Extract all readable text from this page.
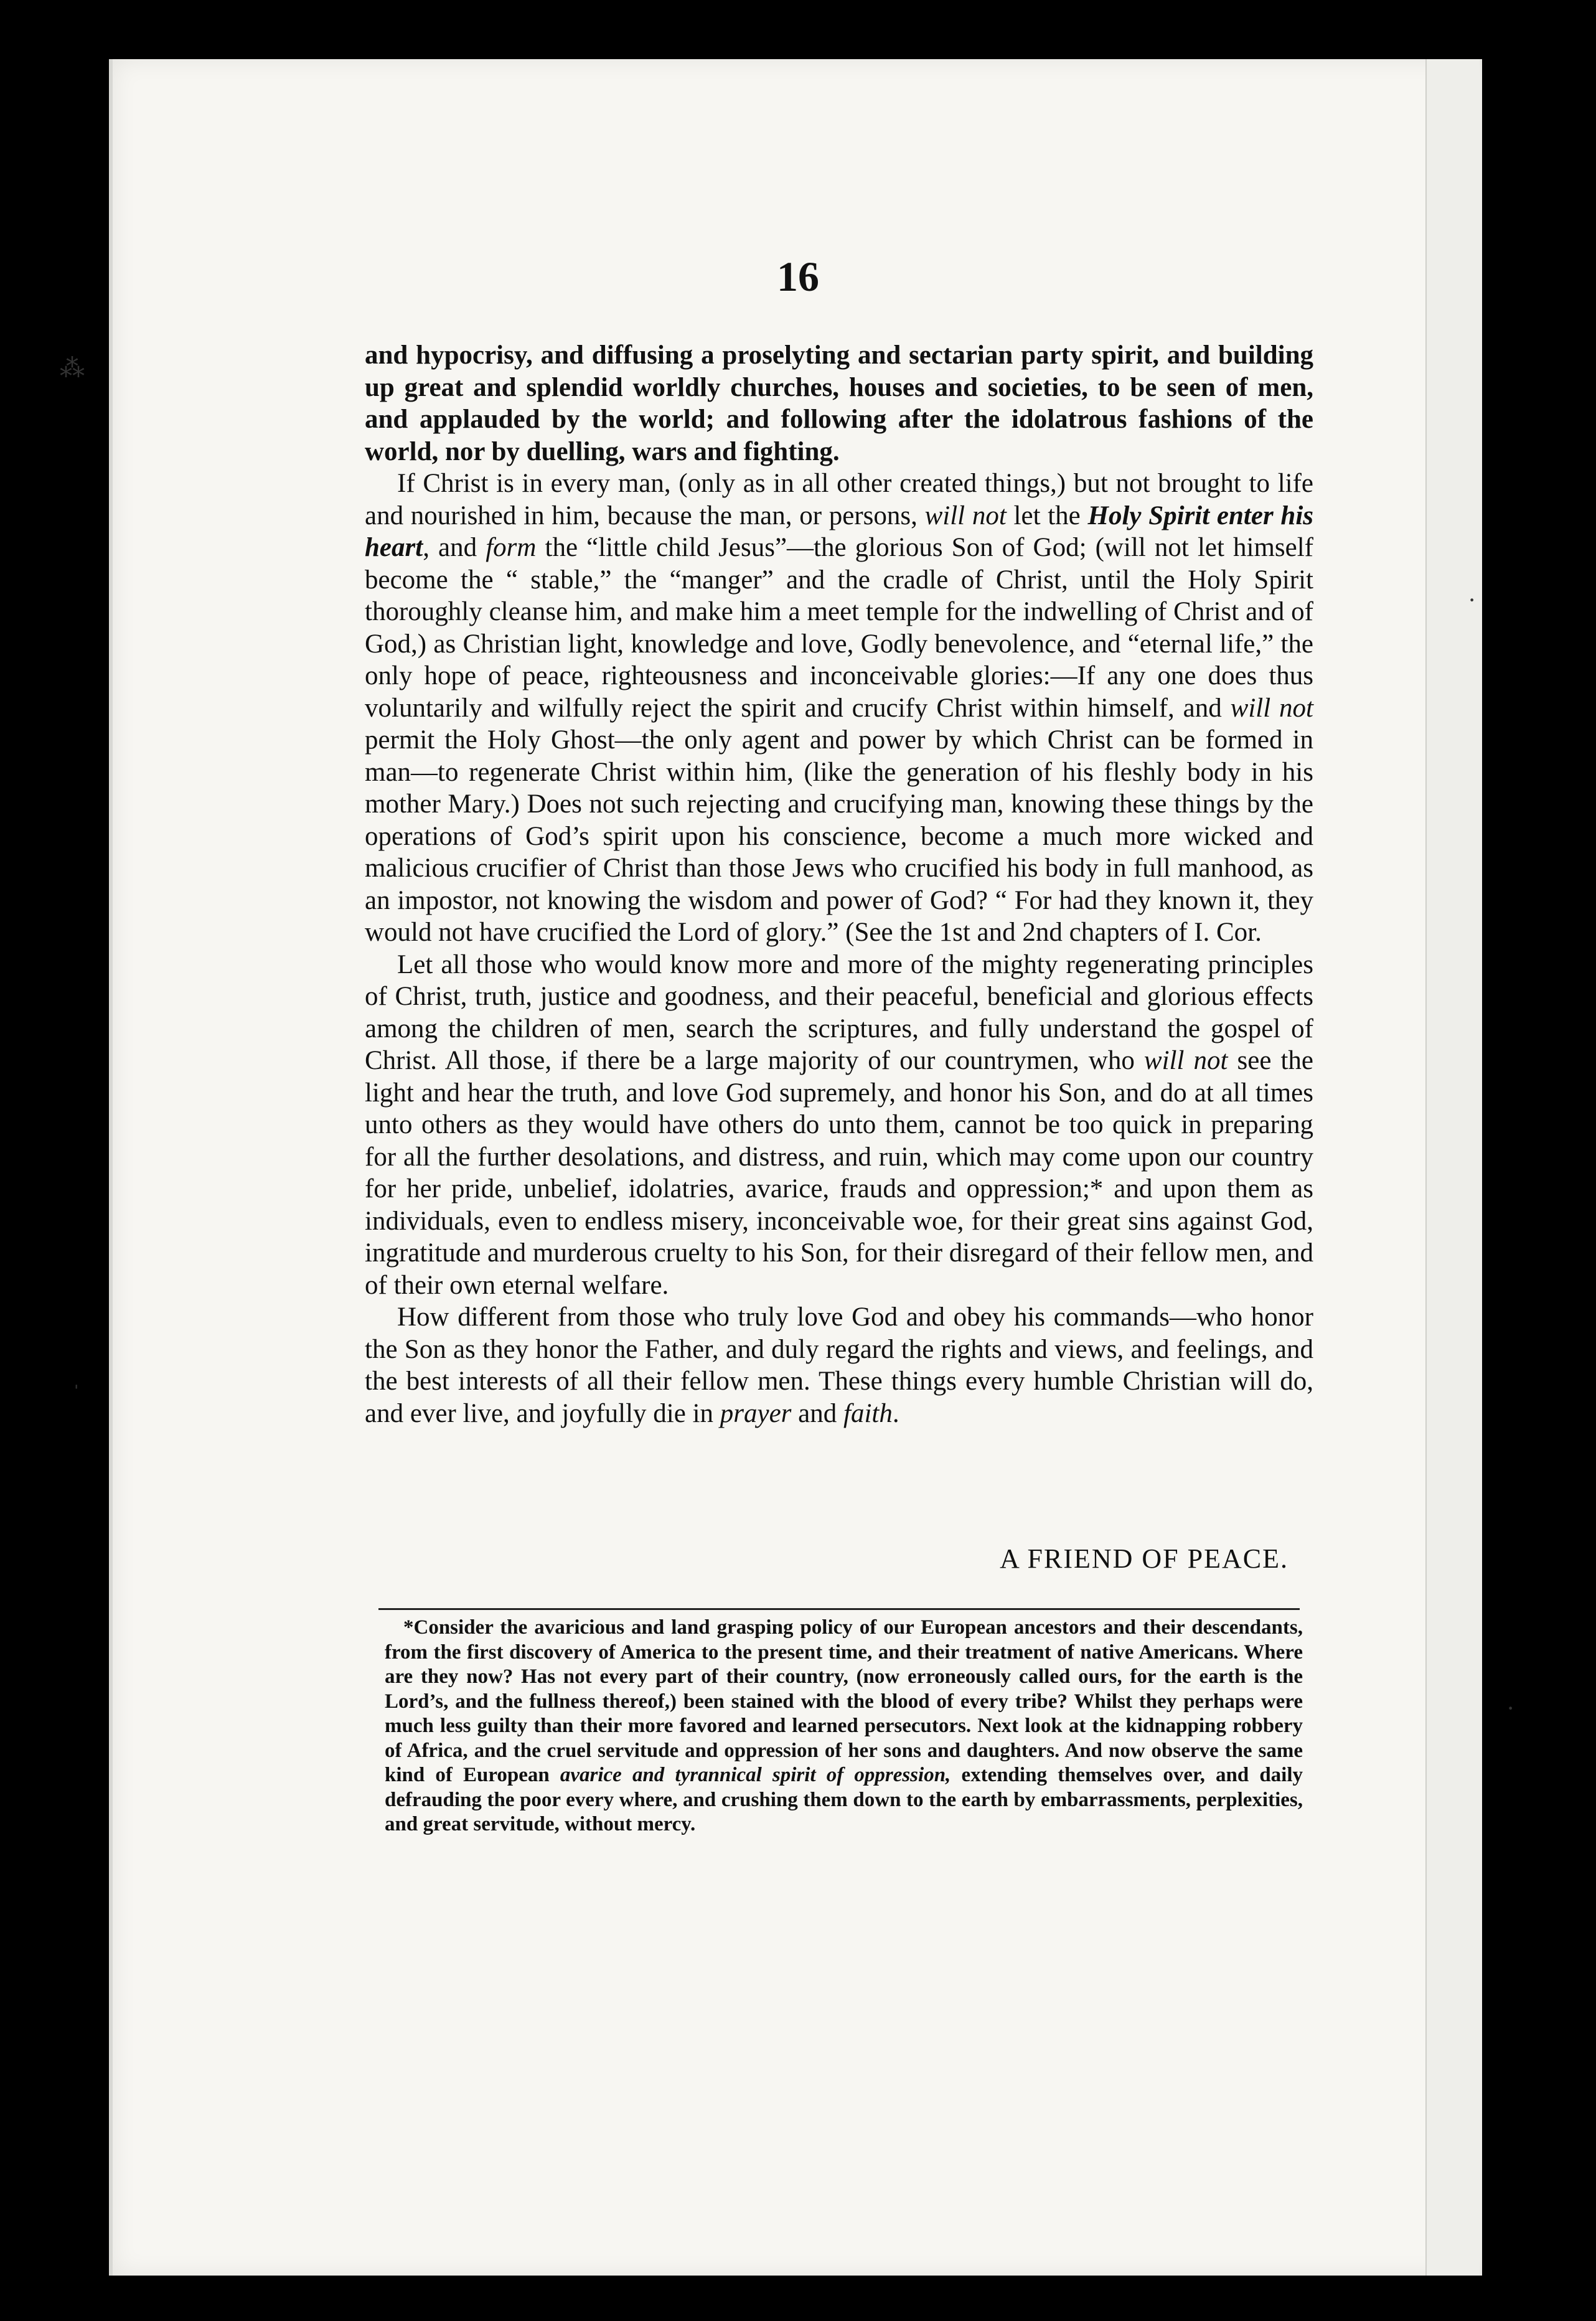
16

and hypocrisy, and diffusing a proselyting and sectarian party spirit, and building up great and splendid worldly churches, houses and societies, to be seen of men, and applauded by the world; and following after the idolatrous fashions of the world, nor by duelling, wars and fighting.

If Christ is in every man, (only as in all other created things,) but not brought to life and nourished in him, because the man, or persons, will not let the Holy Spirit enter his heart, and form the “little child Jesus”—the glorious Son of God; (will not let himself become the “ stable,” the “manger” and the cradle of Christ, until the Holy Spirit thoroughly cleanse him, and make him a meet temple for the indwelling of Christ and of God,) as Christian light, knowledge and love, Godly benevolence, and “eternal life,” the only hope of peace, righteousness and inconceivable glories:—If any one does thus voluntarily and wilfully reject the spirit and crucify Christ within himself, and will not permit the Holy Ghost—the only agent and power by which Christ can be formed in man—to regenerate Christ within him, (like the generation of his fleshly body in his mother Mary.) Does not such rejecting and crucifying man, knowing these things by the operations of God’s spirit upon his conscience, become a much more wicked and malicious crucifier of Christ than those Jews who crucified his body in full manhood, as an impostor, not knowing the wisdom and power of God? “ For had they known it, they would not have crucified the Lord of glory.” (See the 1st and 2nd chapters of I. Cor.

Let all those who would know more and more of the mighty regenerating principles of Christ, truth, justice and goodness, and their peaceful, beneficial and glorious effects among the children of men, search the scriptures, and fully understand the gospel of Christ. All those, if there be a large majority of our countrymen, who will not see the light and hear the truth, and love God supremely, and honor his Son, and do at all times unto others as they would have others do unto them, cannot be too quick in preparing for all the further desolations, and distress, and ruin, which may come upon our country for her pride, unbelief, idolatries, avarice, frauds and oppression;* and upon them as individuals, even to endless misery, inconceivable woe, for their great sins against God, ingratitude and murderous cruelty to his Son, for their disregard of their fellow men, and of their own eternal welfare.

How different from those who truly love God and obey his commands—who honor the Son as they honor the Father, and duly regard the rights and views, and feelings, and the best interests of all their fellow men. These things every humble Christian will do, and ever live, and joyfully die in prayer and faith.

A FRIEND OF PEACE.

*Consider the avaricious and land grasping policy of our European ancestors and their descendants, from the first discovery of America to the present time, and their treatment of native Americans. Where are they now? Has not every part of their country, (now erroneously called ours, for the earth is the Lord’s, and the fullness thereof,) been stained with the blood of every tribe? Whilst they perhaps were much less guilty than their more favored and learned persecutors. Next look at the kidnapping robbery of Africa, and the cruel servitude and oppression of her sons and daughters. And now observe the same kind of European avarice and tyrannical spirit of oppression, extending themselves over, and daily defrauding the poor every where, and crushing them down to the earth by embarrassments, perplexities, and great servitude, without mercy.

⁂
·
ˌ
·
